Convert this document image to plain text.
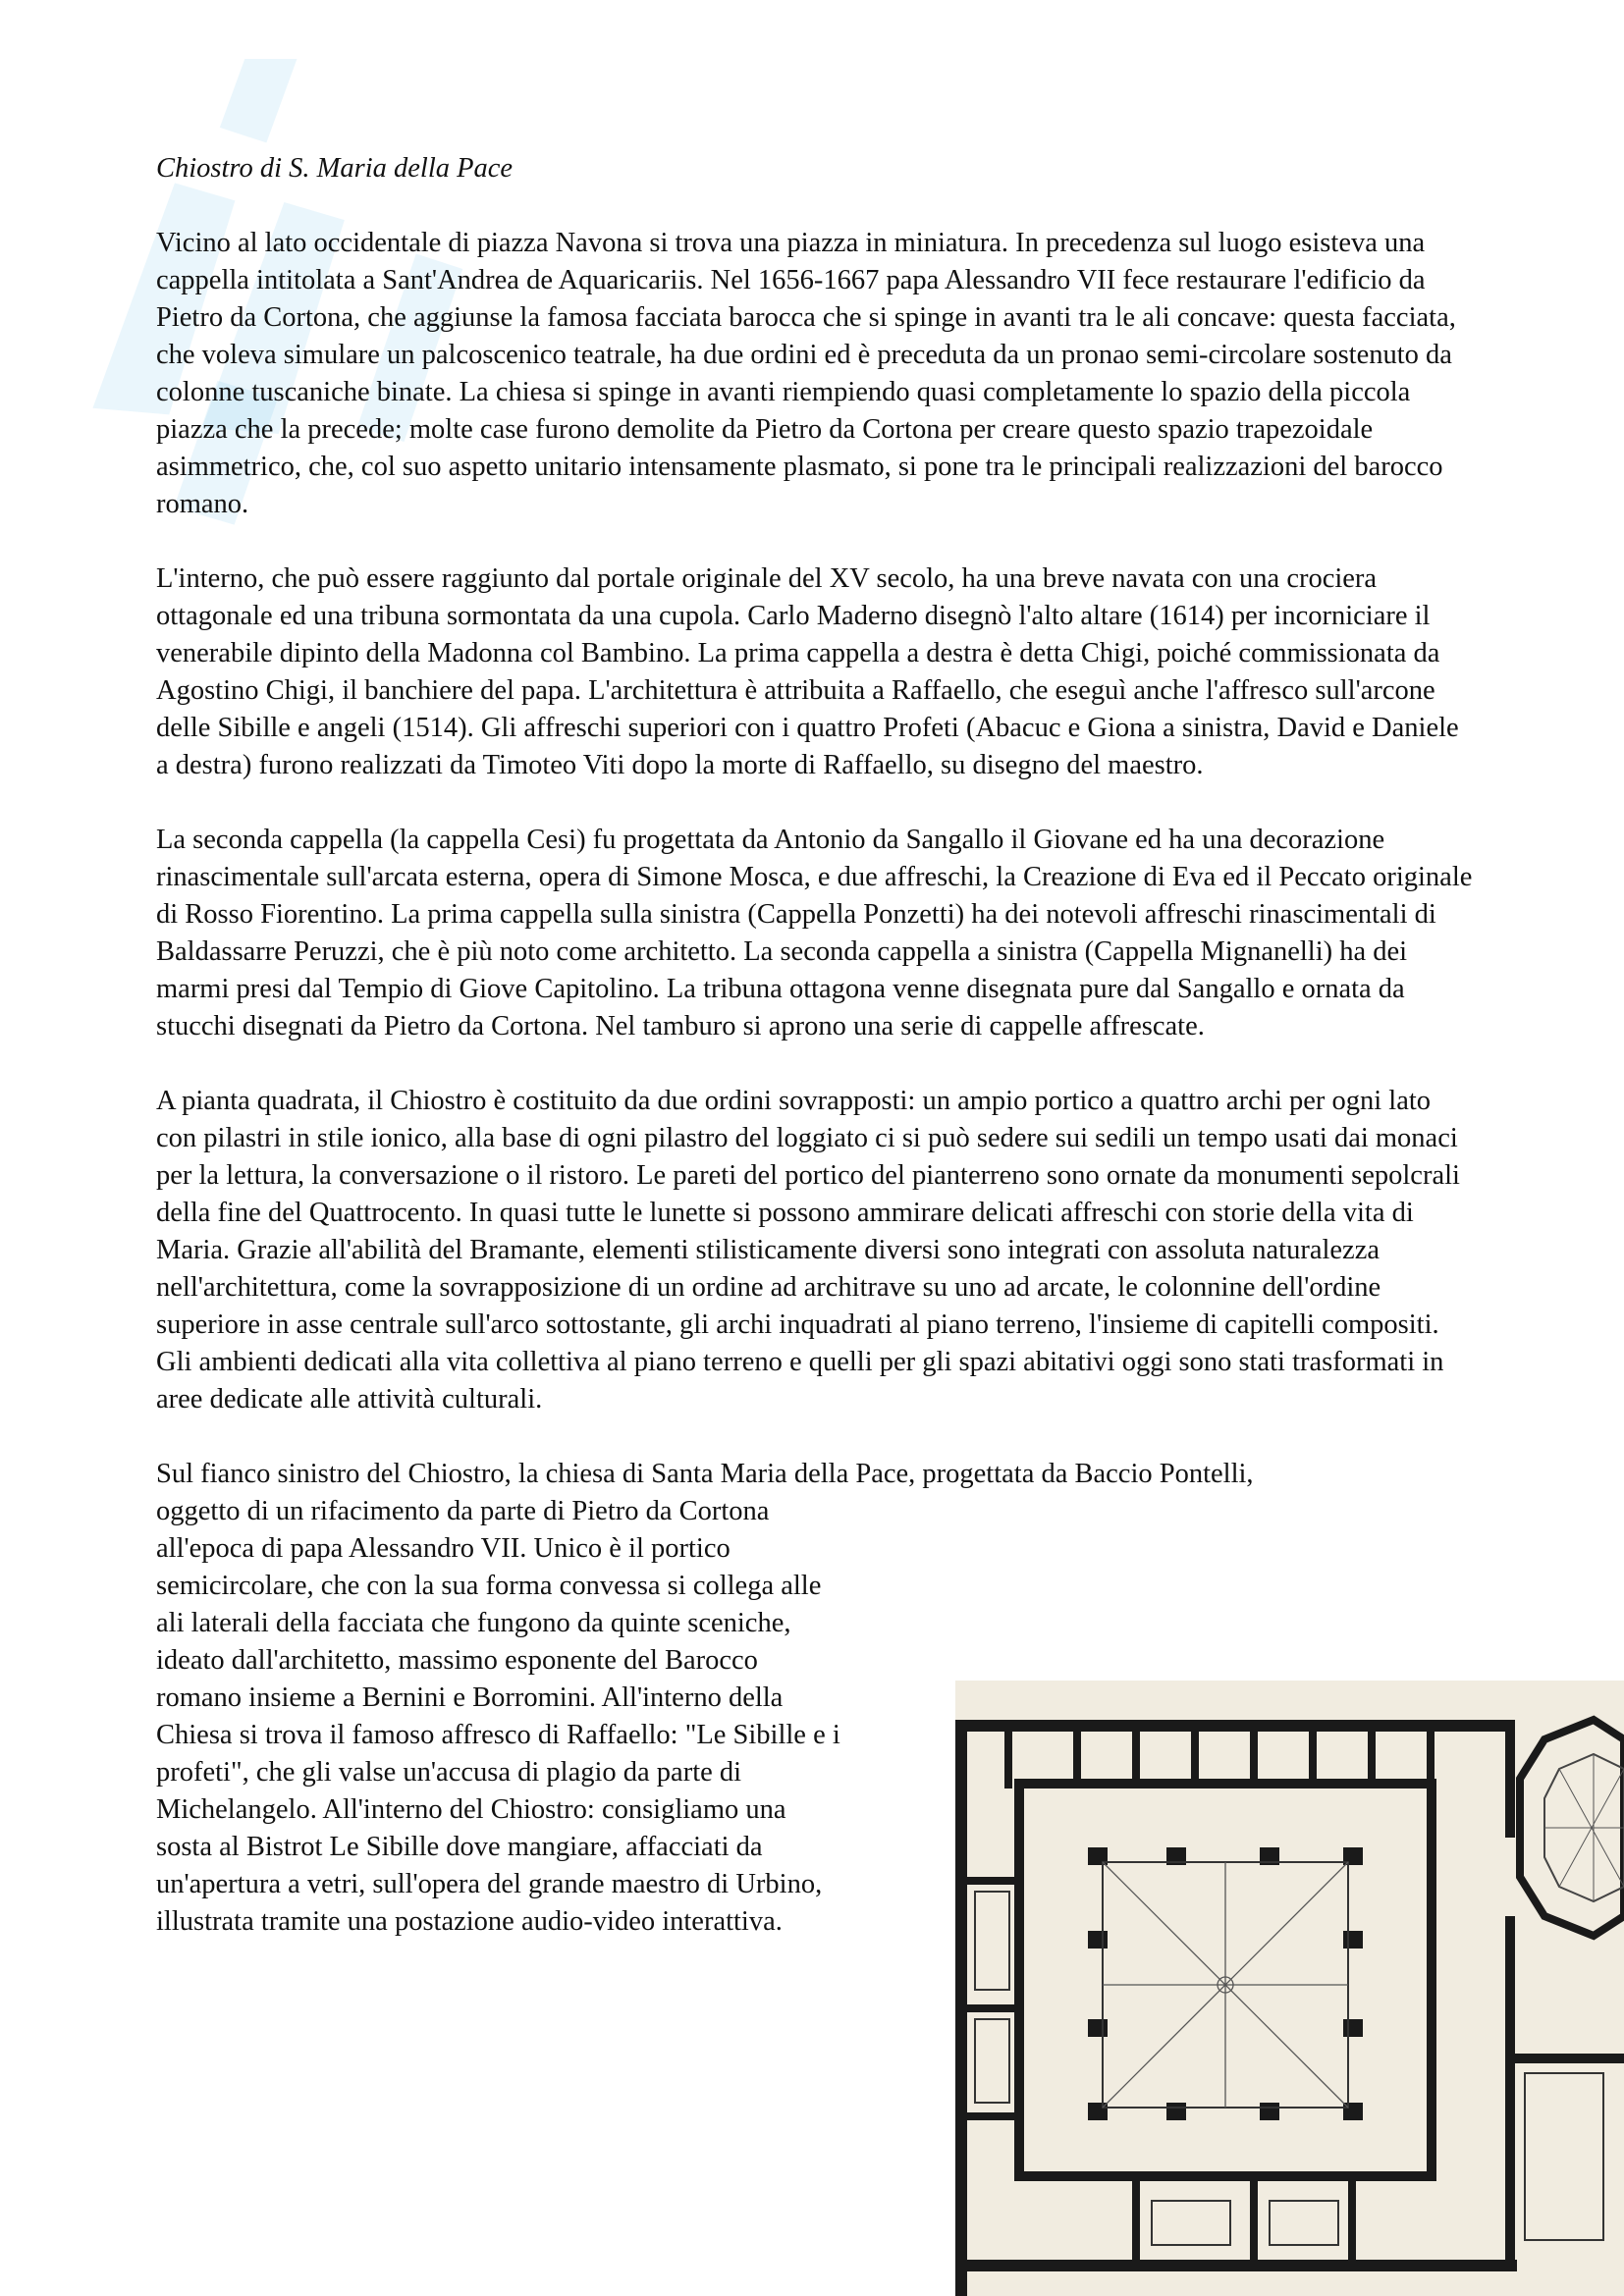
Chiostro di S. Maria della Pace

Vicino al lato occidentale di piazza Navona si trova una piazza in miniatura. In precedenza sul luogo esisteva una cappella intitolata a Sant'Andrea de Aquaricariis. Nel 1656-1667 papa Alessandro VII fece restaurare l'edificio da Pietro da Cortona, che aggiunse la famosa facciata barocca che si spinge in avanti tra le ali concave: questa facciata, che voleva simulare un palcoscenico teatrale, ha due ordini ed è preceduta da un pronao semi-circolare sostenuto da colonne tuscaniche binate. La chiesa si spinge in avanti riempiendo quasi completamente lo spazio della piccola piazza che la precede; molte case furono demolite da Pietro da Cortona per creare questo spazio trapezoidale asimmetrico, che, col suo aspetto unitario intensamente plasmato, si pone tra le principali realizzazioni del barocco romano.

L'interno, che può essere raggiunto dal portale originale del XV secolo, ha una breve navata con una crociera ottagonale ed una tribuna sormontata da una cupola. Carlo Maderno disegnò l'alto altare (1614) per incorniciare il venerabile dipinto della Madonna col Bambino. La prima cappella a destra è detta Chigi, poiché commissionata da Agostino Chigi, il banchiere del papa. L'architettura è attribuita a Raffaello, che eseguì anche l'affresco sull'arcone delle Sibille e angeli (1514). Gli affreschi superiori con i quattro Profeti (Abacuc e Giona a sinistra, David e Daniele a destra) furono realizzati da Timoteo Viti dopo la morte di Raffaello, su disegno del maestro.

La seconda cappella (la cappella Cesi) fu progettata da Antonio da Sangallo il Giovane ed ha una decorazione rinascimentale sull'arcata esterna, opera di Simone Mosca, e due affreschi, la Creazione di Eva ed il Peccato originale di Rosso Fiorentino. La prima cappella sulla sinistra (Cappella Ponzetti) ha dei notevoli affreschi rinascimentali di Baldassarre Peruzzi, che è più noto come architetto. La seconda cappella a sinistra (Cappella Mignanelli) ha dei marmi presi dal Tempio di Giove Capitolino. La tribuna ottagona venne disegnata pure dal Sangallo e ornata da stucchi disegnati da Pietro da Cortona. Nel tamburo si aprono una serie di cappelle affrescate.

A pianta quadrata, il Chiostro è costituito da due ordini sovrapposti: un ampio portico a quattro archi per ogni lato con pilastri in stile ionico, alla base di ogni pilastro del loggiato ci si può sedere sui sedili un tempo usati dai monaci per la lettura, la conversazione o il ristoro. Le pareti del portico del pianterreno sono ornate da monumenti sepolcrali della fine del Quattrocento. In quasi tutte le lunette si possono ammirare delicati affreschi con storie della vita di Maria. Grazie all'abilità del Bramante, elementi stilisticamente diversi sono integrati con assoluta naturalezza nell'architettura, come la sovrapposizione di un ordine ad architrave su uno ad arcate, le colonnine dell'ordine superiore in asse centrale sull'arco sottostante, gli archi inquadrati al piano terreno, l'insieme di capitelli compositi. Gli ambienti dedicati alla vita collettiva al piano terreno e quelli per gli spazi abitativi oggi sono stati trasformati in aree dedicate alle attività culturali.

Sul fianco sinistro del Chiostro, la chiesa di Santa Maria della Pace, progettata da Baccio Pontelli,
oggetto di un rifacimento da parte di Pietro da Cortona
all'epoca di papa Alessandro VII. Unico è il portico
semicircolare, che con la sua forma convessa si collega alle
ali laterali della facciata che fungono da quinte sceniche,
ideato dall'architetto, massimo esponente del Barocco
romano insieme a Bernini e Borromini. All'interno della
Chiesa si trova il famoso affresco di Raffaello: "Le Sibille e i
profeti", che gli valse un'accusa di plagio da parte di
Michelangelo. All'interno del Chiostro: consigliamo una
sosta al Bistrot Le Sibille dove mangiare, affacciati da
un'apertura a vetri, sull'opera del grande maestro di Urbino,
illustrata tramite una postazione audio-video interattiva.
